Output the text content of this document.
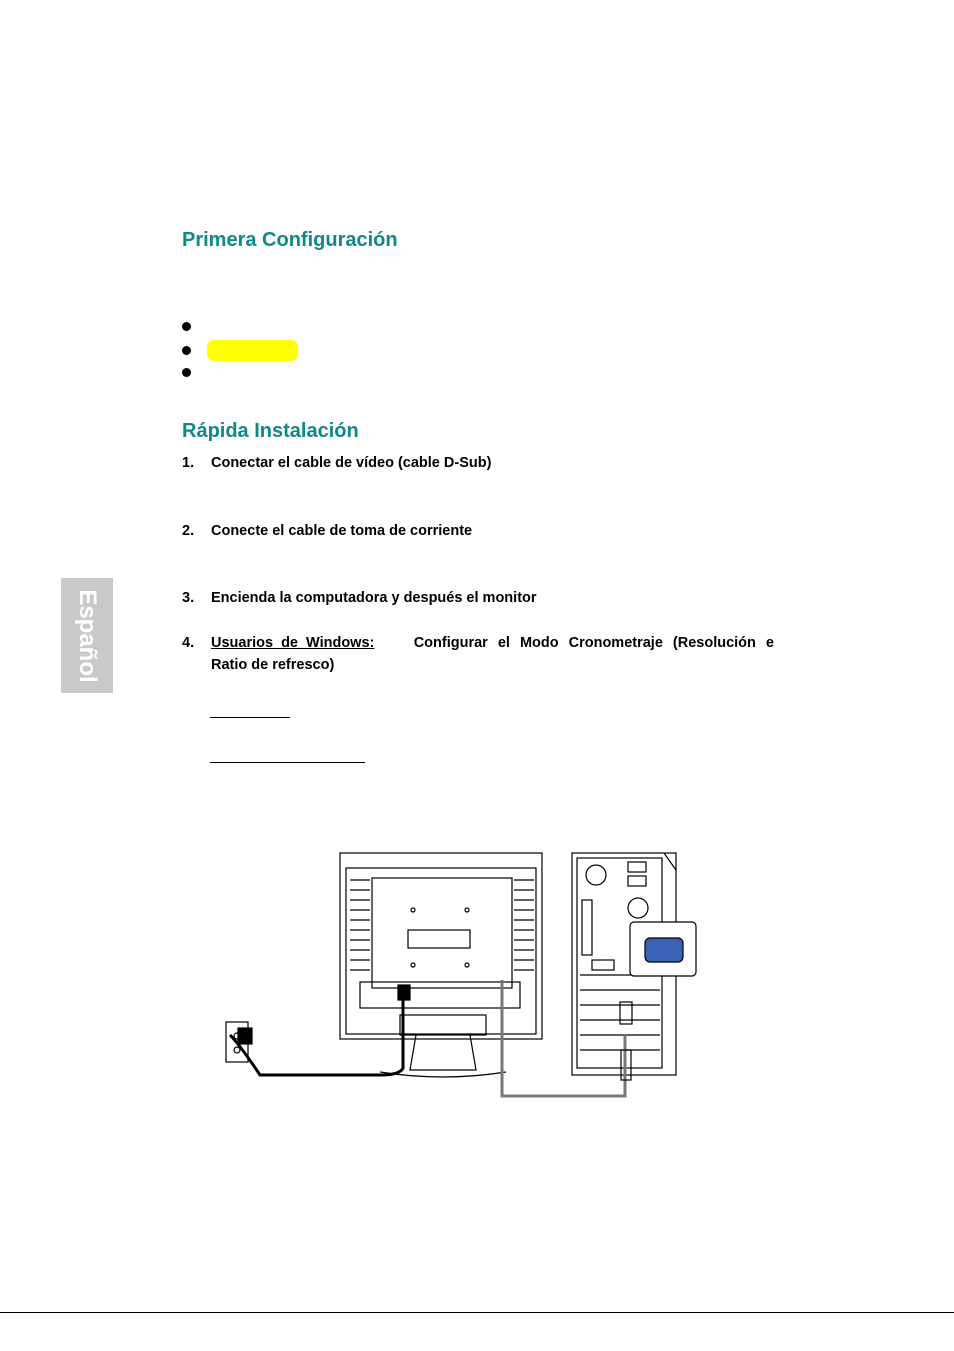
Primera Configuración
Rápida Instalación
1. Conectar el cable de vídeo (cable D-Sub)
2. Conecte el cable de toma de corriente
3. Encienda la computadora y después el monitor
4. Usuarios de Windows:	Configurar el Modo Cronometraje (Resolución e
Ratio de refresco)
Español
